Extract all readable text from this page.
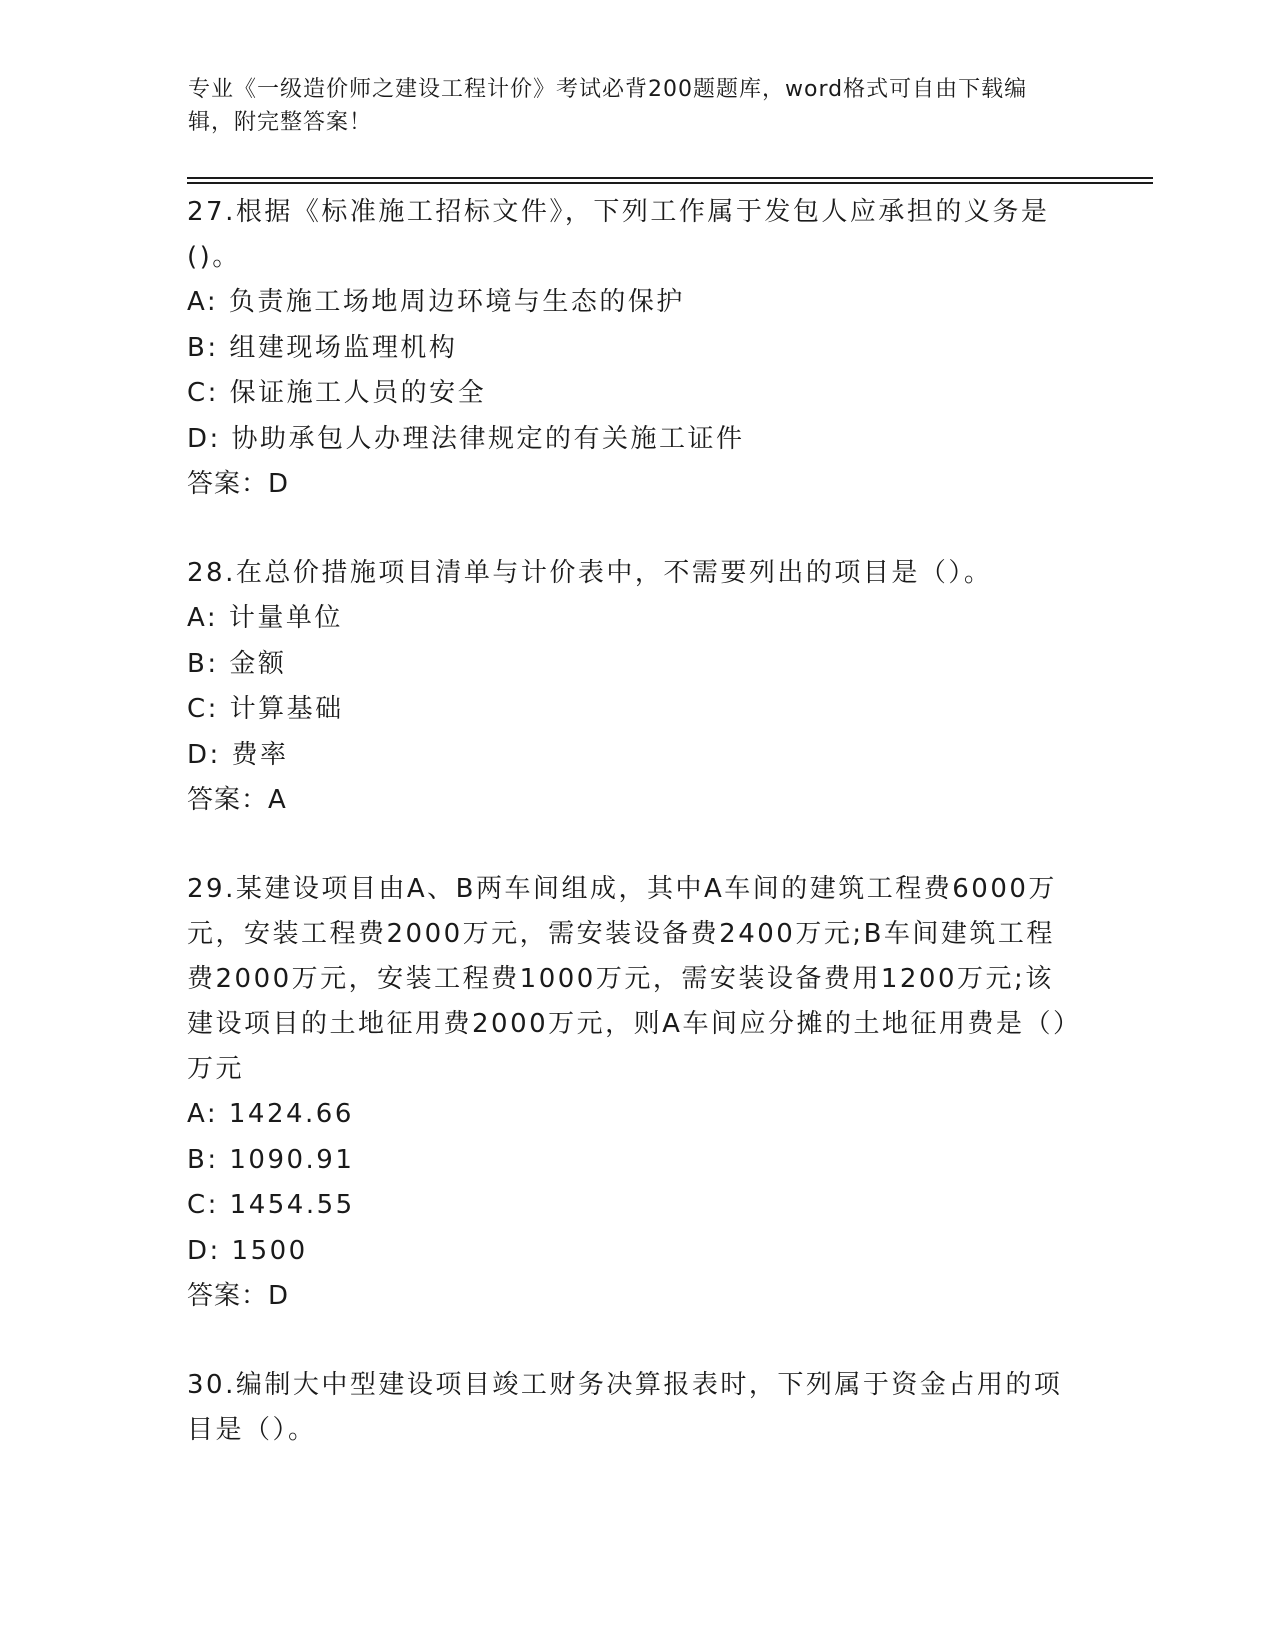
专业《一级造价师之建设工程计价》考试必背200题题库，word格式可自由下载编辑，附完整答案！

27.根据《标准施工招标文件》，下列工作属于发包人应承担的义务是()。

A: 负责施工场地周边环境与生态的保护

B: 组建现场监理机构

C: 保证施工人员的安全

D: 协助承包人办理法律规定的有关施工证件

答案：D

28.在总价措施项目清单与计价表中，不需要列出的项目是（）。

A: 计量单位

B: 金额

C: 计算基础

D: 费率

答案：A

29.某建设项目由A、B两车间组成，其中A车间的建筑工程费6000万元，安装工程费2000万元，需安装设备费2400万元;B车间建筑工程费2000万元，安装工程费1000万元，需安装设备费用1200万元;该建设项目的土地征用费2000万元，则A车间应分摊的土地征用费是（）万元

A: 1424.66

B: 1090.91

C: 1454.55

D: 1500

答案：D

30.编制大中型建设项目竣工财务决算报表时，下列属于资金占用的项目是（）。
